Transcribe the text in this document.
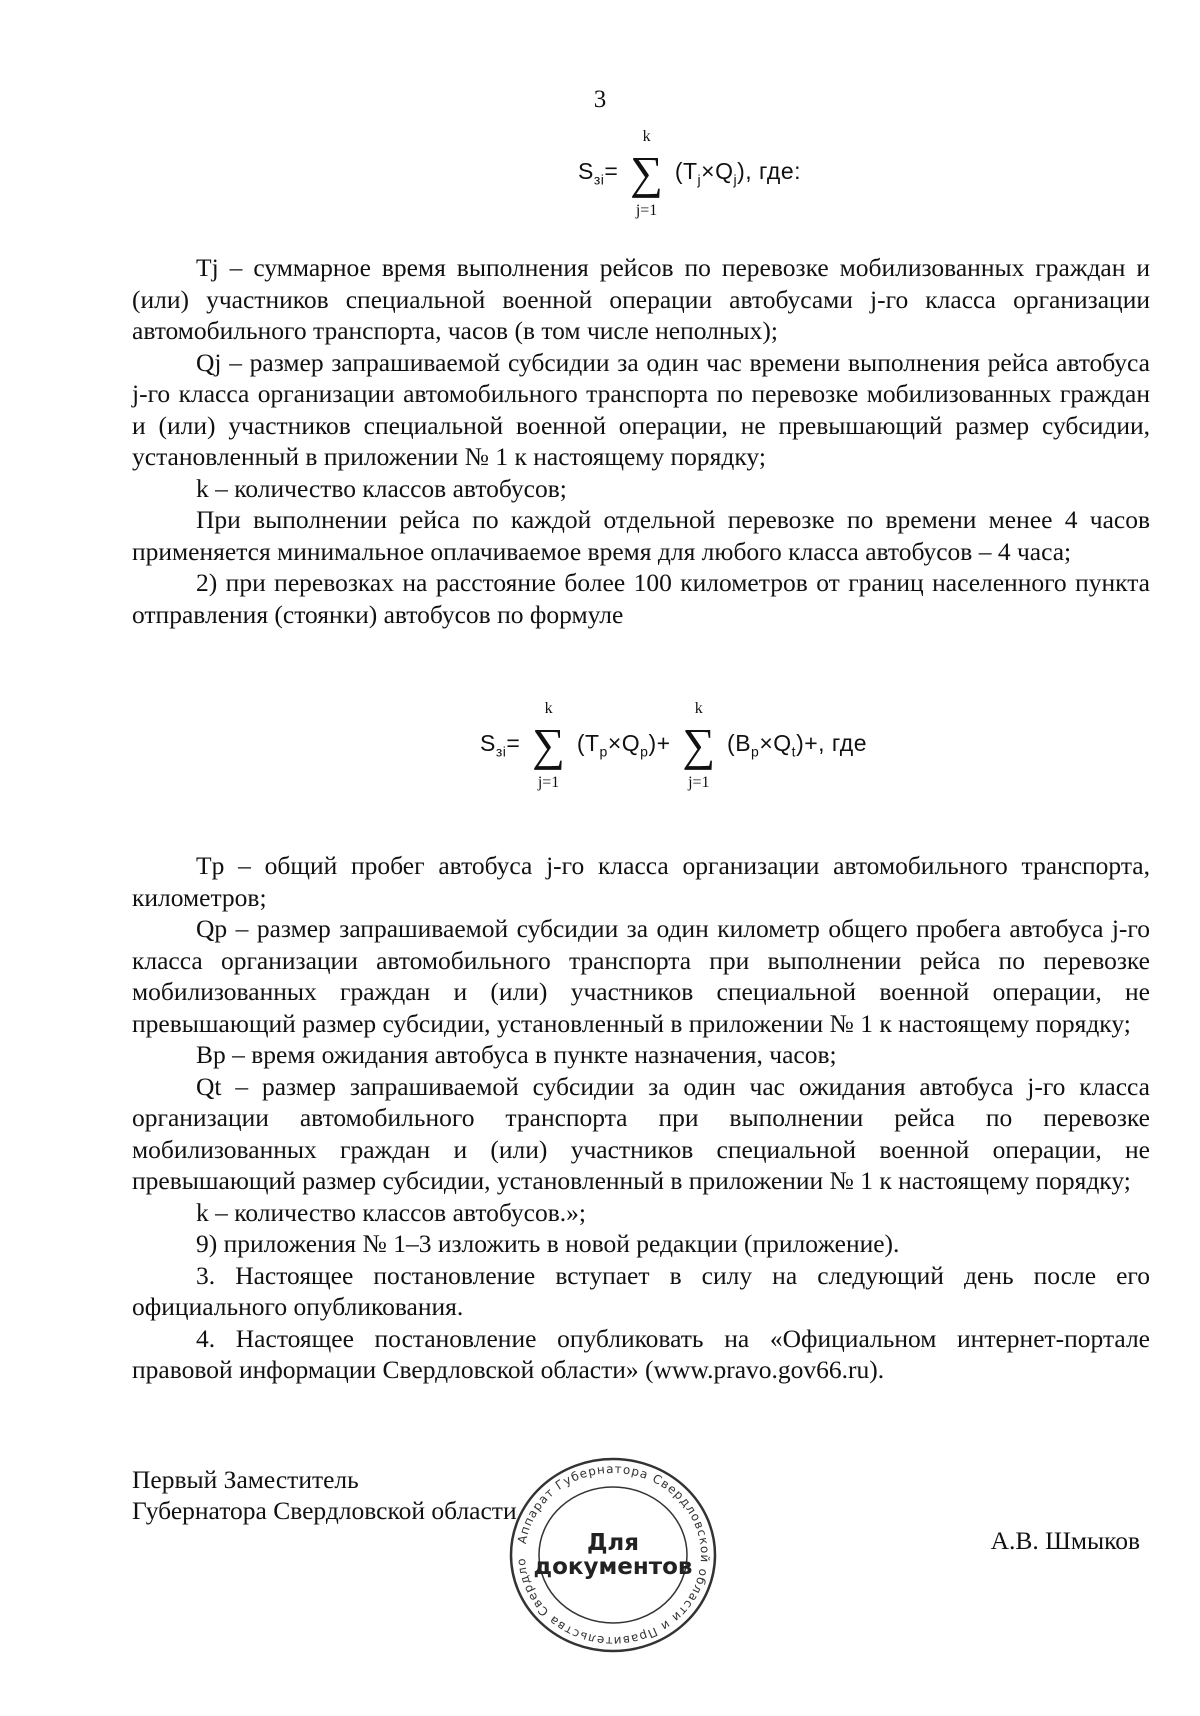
3
$S_{зi}=$
k
∑
j=1
$(T_j\times Q_j)$, где:

Tj – суммарное время выполнения рейсов по перевозке мобилизованных граждан и (или) участников специальной военной операции автобусами j-го класса организации автомобильного транспорта, часов (в том числе неполных);

Qj – размер запрашиваемой субсидии за один час времени выполнения рейса автобуса j-го класса организации автомобильного транспорта по перевозке мобилизованных граждан и (или) участников специальной военной операции, не превышающий размер субсидии, установленный в приложении № 1 к настоящему порядку;

k – количество классов автобусов;

При выполнении рейса по каждой отдельной перевозке по времени менее 4 часов применяется минимальное оплачиваемое время для любого класса автобусов – 4 часа;

2) при перевозках на расстояние более 100 километров от границ населенного пункта отправления (стоянки) автобусов по формуле

$S_{зi}=$
k
∑
j=1
$(T_p\times Q_p)+$
k
∑
j=1
$(B_p\times Q_t)+$, где

Tp – общий пробег автобуса j-го класса организации автомобильного транспорта, километров;

Qp – размер запрашиваемой субсидии за один километр общего пробега автобуса j-го класса организации автомобильного транспорта при выполнении рейса по перевозке мобилизованных граждан и (или) участников специальной военной операции, не превышающий размер субсидии, установленный в приложении № 1 к настоящему порядку;

Bp – время ожидания автобуса в пункте назначения, часов;

Qt – размер запрашиваемой субсидии за один час ожидания автобуса j-го класса организации автомобильного транспорта при выполнении рейса по перевозке мобилизованных граждан и (или) участников специальной военной операции, не превышающий размер субсидии, установленный в приложении № 1 к настоящему порядку;

k – количество классов автобусов.»;

9) приложения № 1–3 изложить в новой редакции (приложение).

3. Настоящее постановление вступает в силу на следующий день после его официального опубликования.

4. Настоящее постановление опубликовать на «Официальном интернет-портале правовой информации Свердловской области» (www.pravo.gov66.ru).

Первый Заместитель
Губернатора Свердловской области
А.В. Шмыков
Аппарат Губернатора Свердловской области и Правительства Свердло
Для
документов
